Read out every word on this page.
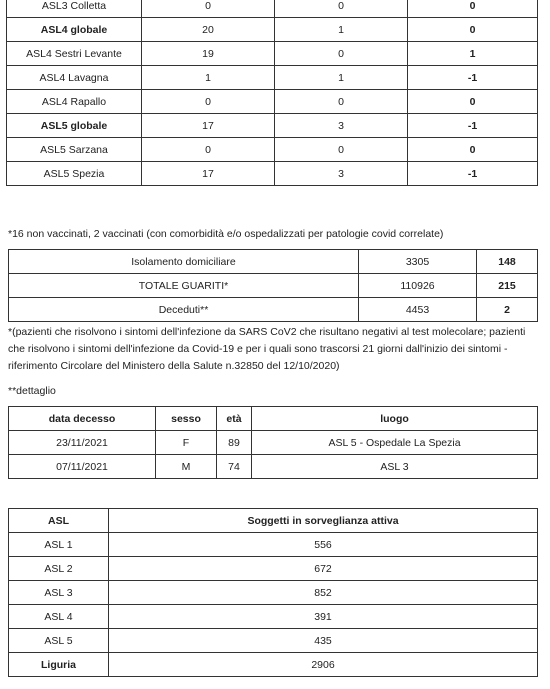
ASL3 Colletta	0	0	0
ASL4 globale	20	1	0
ASL4 Sestri Levante	19	0	1
ASL4 Lavagna	1	1	-1
ASL4 Rapallo	0	0	0
ASL5 globale	17	3	-1
ASL5 Sarzana	0	0	0
ASL5 Spezia	17	3	-1
*16 non vaccinati, 2 vaccinati (con comorbidità e/o ospedalizzati per patologie covid correlate)
Isolamento domiciliare	3305	148
TOTALE GUARITI*	110926	215
Deceduti**	4453	2
*(pazienti che risolvono i sintomi dell'infezione da SARS CoV2 che risultano negativi al test molecolare; pazienti
che risolvono i sintomi dell'infezione da Covid-19 e per i quali sono trascorsi 21 giorni dall'inizio dei sintomi -
riferimento Circolare del Ministero della Salute n.32850 del 12/10/2020)
**dettaglio
data decesso	sesso	età	luogo
23/11/2021	F	89	ASL 5 - Ospedale La Spezia
07/11/2021	M	74	ASL 3
ASL	Soggetti in sorveglianza attiva
ASL 1	556
ASL 2	672
ASL 3	852
ASL 4	391
ASL 5	435
Liguria	2906
